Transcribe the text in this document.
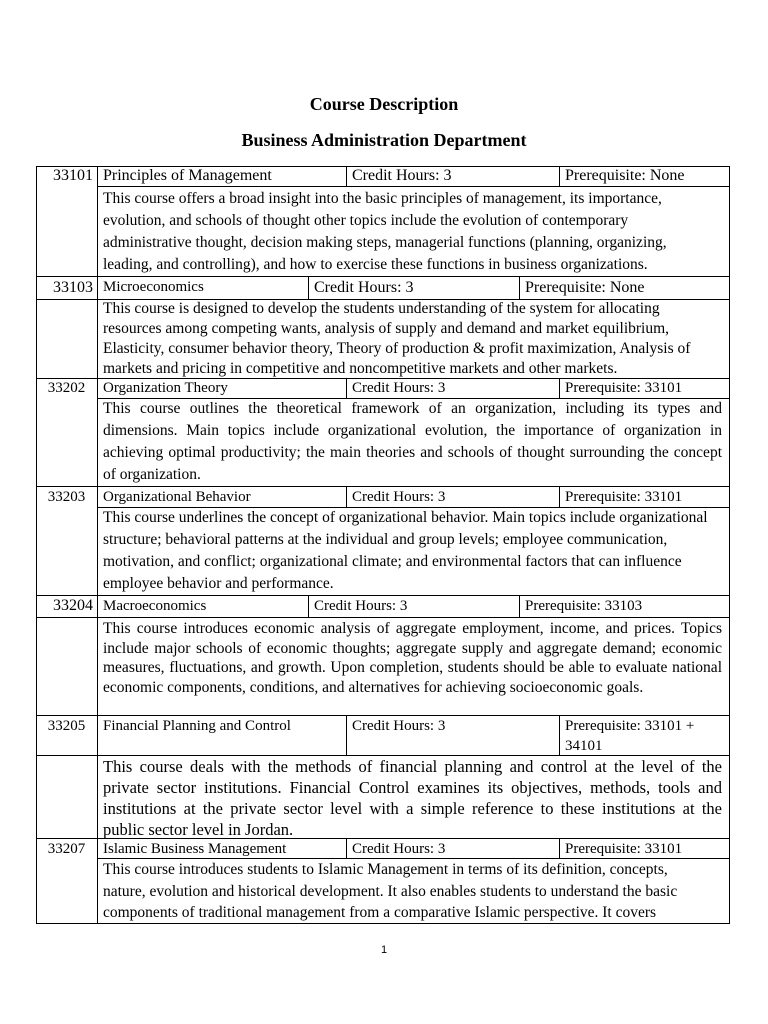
Course Description
Business Administration Department
33101 Principles of Management	Credit Hours: 3	Prerequisite: None
This course offers a broad insight into the basic principles of management, its importance, evolution, and schools of thought other topics include the evolution of contemporary administrative thought, decision making steps, managerial functions (planning, organizing, leading, and controlling), and how to exercise these functions in business organizations.
33103 Microeconomics	Credit Hours: 3	Prerequisite: None
This course is designed to develop the students understanding of the system for allocating resources among competing wants, analysis of supply and demand and market equilibrium, Elasticity, consumer behavior theory, Theory of production & profit maximization, Analysis of markets and pricing in competitive and noncompetitive markets and other markets.
33202	Organization Theory	Credit Hours: 3	Prerequisite: 33101
This course outlines the theoretical framework of an organization, including its types and dimensions. Main topics include organizational evolution, the importance of organization in achieving optimal productivity; the main theories and schools of thought surrounding the concept of organization.
33203	Organizational Behavior	Credit Hours: 3	Prerequisite: 33101
This course underlines the concept of organizational behavior. Main topics include organizational structure; behavioral patterns at the individual and group levels; employee communication, motivation, and conflict; organizational climate; and environmental factors that can influence employee behavior and performance.
33204 Macroeconomics	Credit Hours: 3	Prerequisite: 33103
This course introduces economic analysis of aggregate employment, income, and prices. Topics include major schools of economic thoughts; aggregate supply and aggregate demand; economic measures, fluctuations, and growth. Upon completion, students should be able to evaluate national economic components, conditions, and alternatives for achieving socioeconomic goals.
33205	Financial Planning and Control	Credit Hours: 3	Prerequisite: 33101 + 34101
This course deals with the methods of financial planning and control at the level of the private sector institutions. Financial Control examines its objectives, methods, tools and institutions at the private sector level with a simple reference to these institutions at the public sector level in Jordan.
33207	Islamic Business Management	Credit Hours: 3	Prerequisite: 33101
This course introduces students to Islamic Management in terms of its definition, concepts, nature, evolution and historical development. It also enables students to understand the basic components of traditional management from a comparative Islamic perspective. It covers
1
